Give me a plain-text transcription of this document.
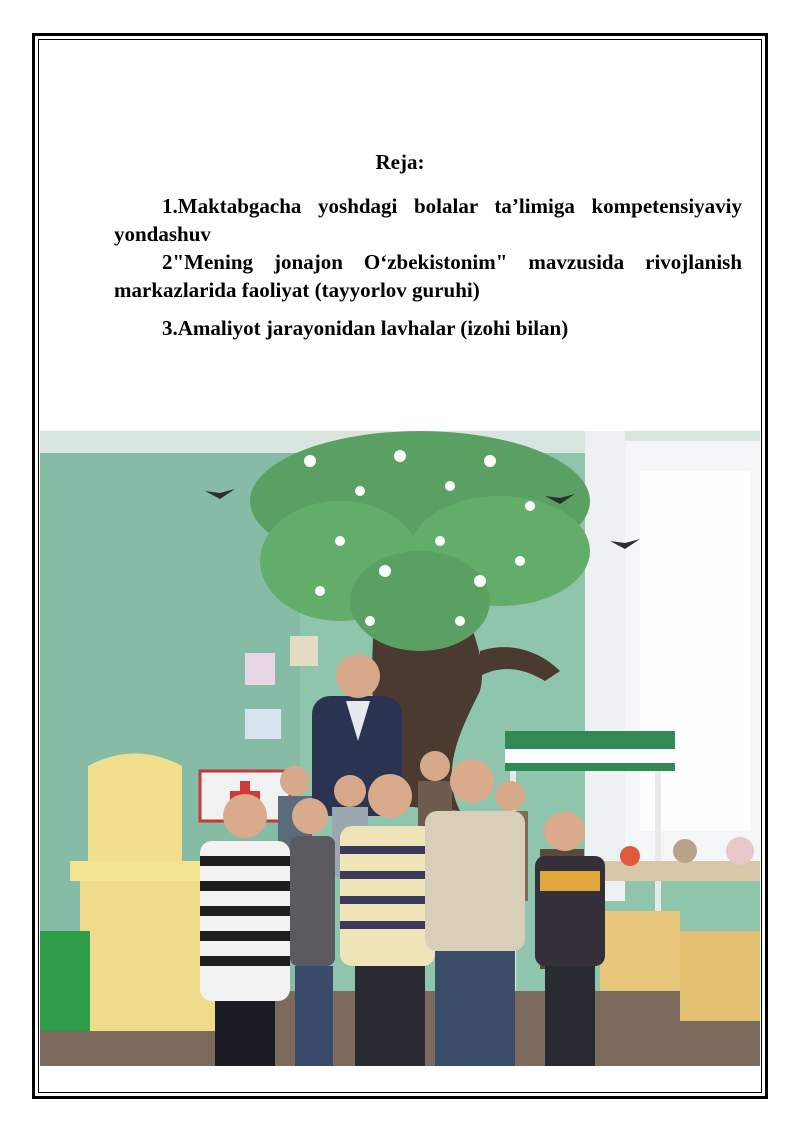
Reja:

1.Maktabgacha yoshdagi bolalar ta’limiga kompetensiyaviy yondashuv

2"Mening jonajon O‘zbekistonim" mavzusida rivojlanish markazlarida faoliyat (tayyorlov guruhi)

3.Amaliyot jarayonidan lavhalar (izohi bilan)
